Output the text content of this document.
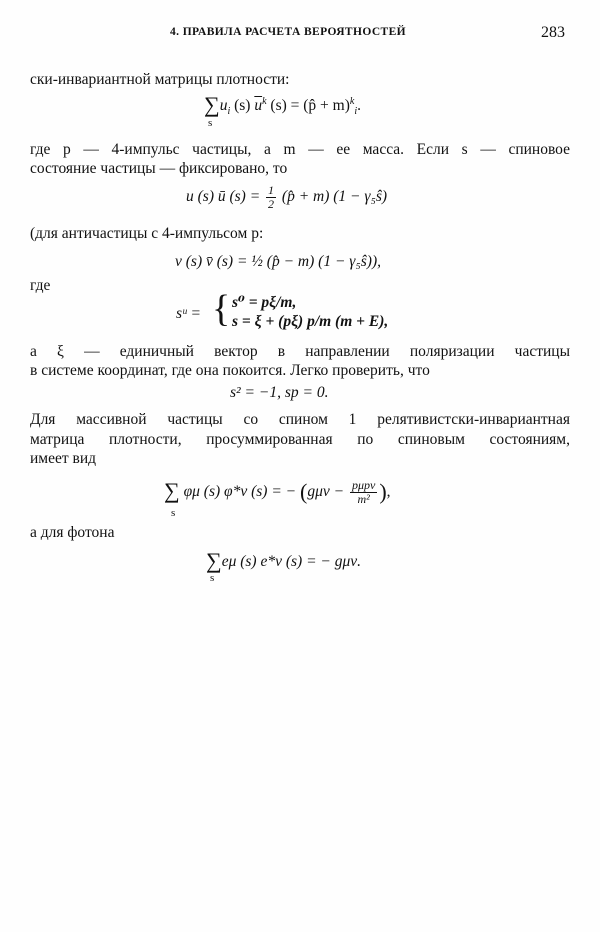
4. ПРАВИЛА РАСЧЕТА ВЕРОЯТНОСТЕЙ	283
ски-инвариантной матрицы плотности:
$\sum u_i$ (s) $\overline{u}^k$ (s) = (p̂ + m)$^k_i$.
s
где p — 4-импульс частицы, а m — ее масса. Если s — спиновое
состояние частицы — фиксировано, то
u (s) ū $(s) = \frac{1}{2}$ (p̂ + m) (1 − γ₅ŝ)
(для античастицы с 4-импульсом p:
v (s) v̄ (s) = ½ (p̂ − m) (1 − γ₅ŝ)),
где
sᵘ = { s⁰ = pξ/m,
s = ξ + (pξ) p/m (m + E),
а ξ — единичный вектор в направлении поляризации частицы
в системе координат, где она покоится. Легко проверить, что
s² = −1, sp = 0.
Для массивной частицы со спином 1 релятивистски-инвариантная
матрица плотности, просуммированная по спиновым состояниям,
имеет вид
∑ φμ (s) φ*ν (s) = − ($g\mu\nu - \frac{\text{pμpν}}{\text{m²}}$ ),
s
а для фотона
∑eμ (s) e*ν (s) = − gμν.
s
